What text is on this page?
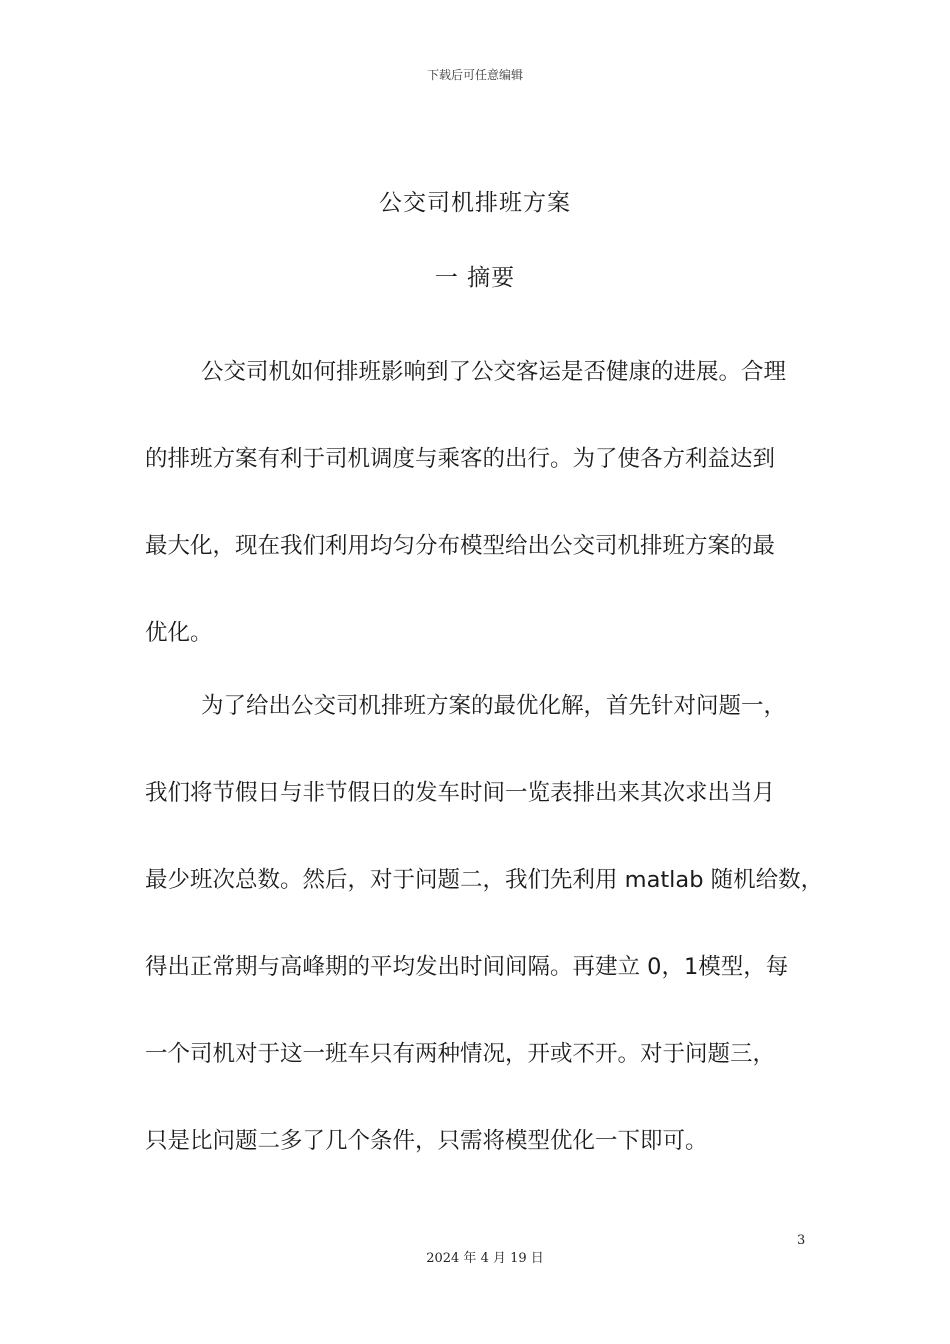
下载后可任意编辑
公交司机排班方案
一 摘要
公交司机如何排班影响到了公交客运是否健康的进展。合理
的排班方案有利于司机调度与乘客的出行。为了使各方利益达到
最大化，现在我们利用均匀分布模型给出公交司机排班方案的最
优化。
为了给出公交司机排班方案的最优化解，首先针对问题一，
我们将节假日与非节假日的发车时间一览表排出来其次求出当月
最少班次总数。然后，对于问题二，我们先利用 matlab 随机给数，
得出正常期与高峰期的平均发出时间间隔。再建立 0，1模型，每
一个司机对于这一班车只有两种情况，开或不开。对于问题三，
只是比问题二多了几个条件，只需将模型优化一下即可。
3
2024 年 4 月 19 日
